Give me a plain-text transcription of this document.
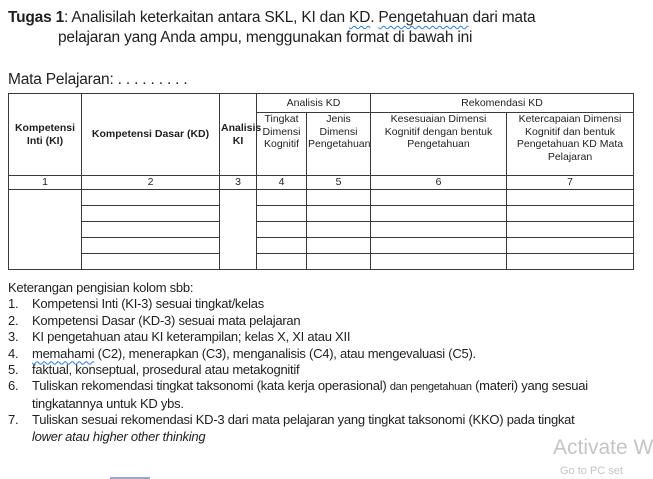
Tugas 1: Analisilah keterkaitan antara SKL, KI dan KD. Pengetahuan dari mata
pelajaran yang Anda ampu, menggunakan format di bawah ini
Mata Pelajaran: . . . . . . . . .
Kompetensi Inti (KI)	Kompetensi Dasar (KD)	Analisis KI	Analisis KD		Rekomendasi KD	
			Tingkat Dimensi Kognitif	Jenis Dimensi Pengetahuan	Kesesuaian Dimensi Kognitif dengan bentuk Pengetahuan	Ketercapaian Dimensi Kognitif dan bentuk Pengetahuan KD Mata Pelajaran
1	2	3	4	5	6	7

Keterangan pengisian kolom sbb:
1.	Kompetensi Inti (KI-3) sesuai tingkat/kelas
2.	Kompetensi Dasar (KD-3) sesuai mata pelajaran
3.	KI pengetahuan atau KI keterampilan; kelas X, XI atau XII
4.	memahami (C2), menerapkan (C3), menganalisis (C4), atau mengevaluasi (C5).
5.	faktual, konseptual, prosedural atau metakognitif
6.	Tuliskan rekomendasi tingkat taksonomi (kata kerja operasional) dan pengetahuan (materi) yang sesuai
tingkatannya untuk KD ybs.
7.	Tuliskan sesuai rekomendasi KD-3 dari mata pelajaran yang tingkat taksonomi (KKO) pada tingkat
lower atau higher other thinking	Activate W
Go to PC set
